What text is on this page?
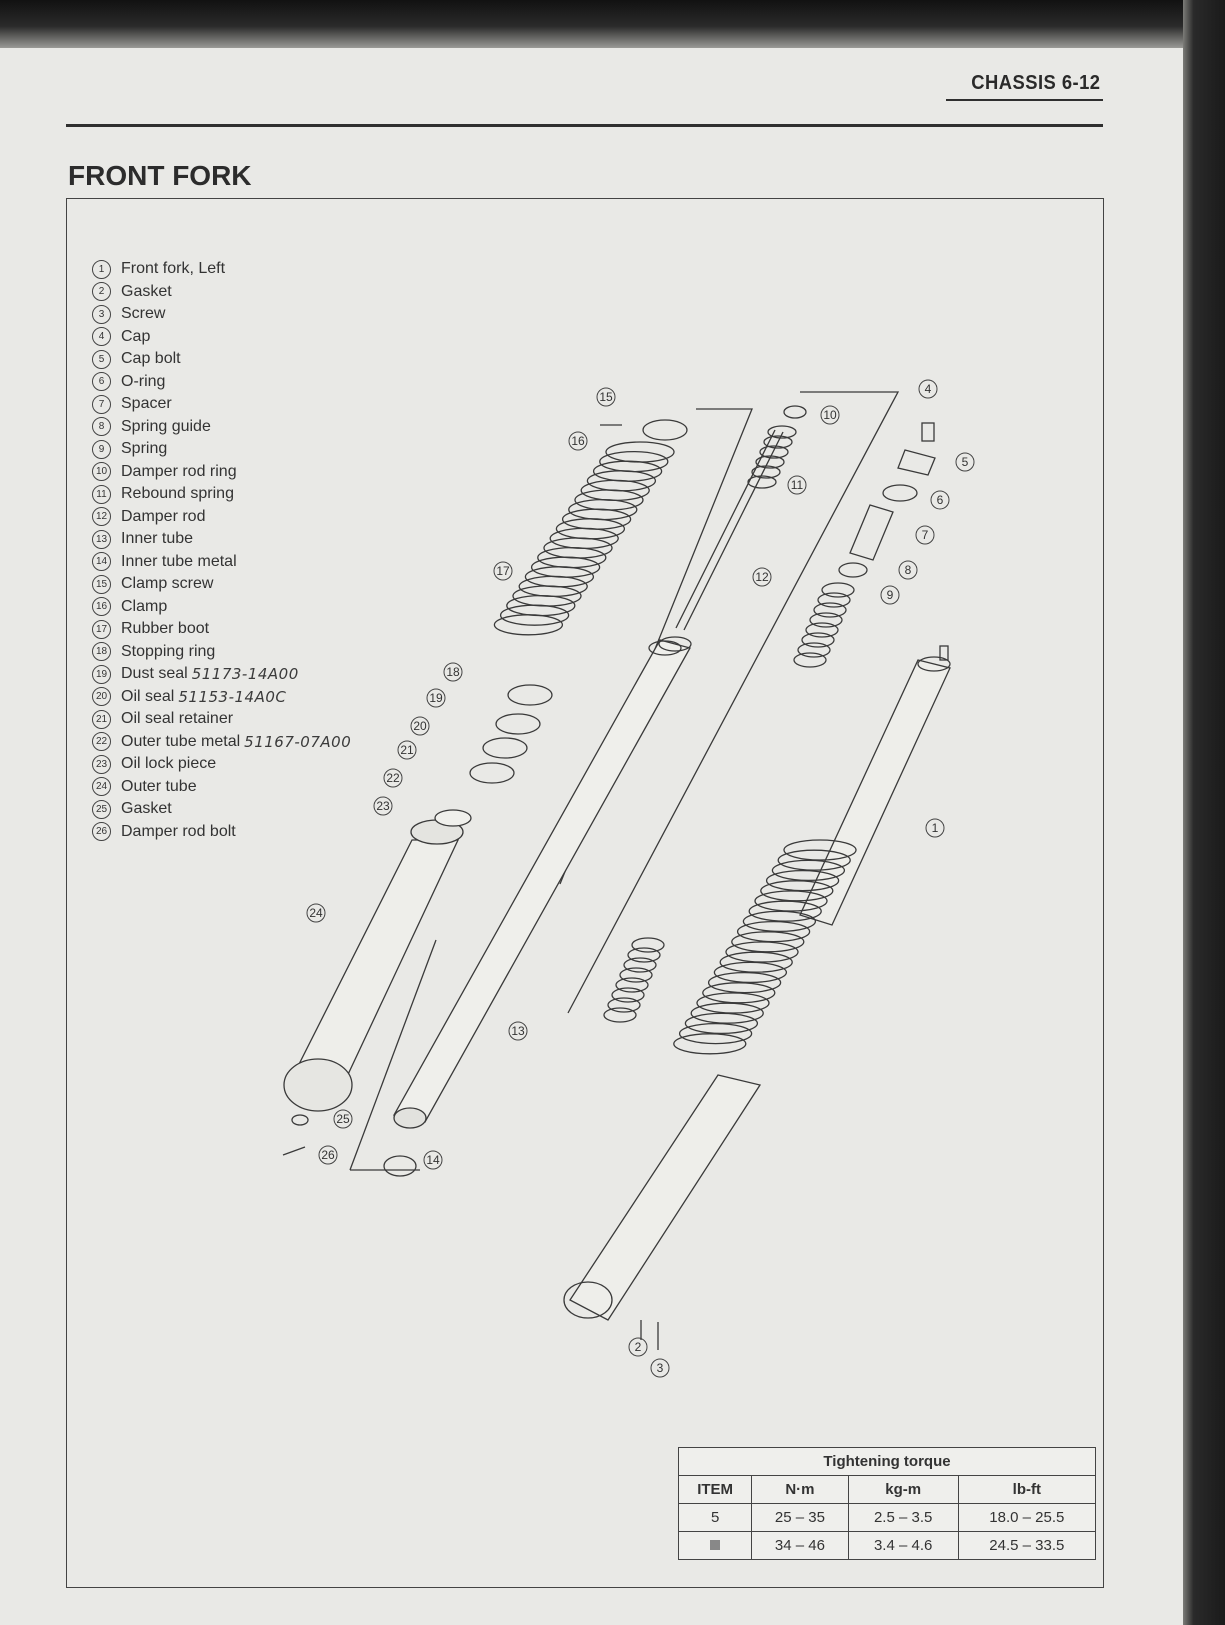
CHASSIS 6-12
FRONT FORK
1	Front fork, Left
2	Gasket
3	Screw
4	Cap
5	Cap bolt
6	O-ring
7	Spacer
8	Spring guide
9	Spring
10 Damper rod ring
11 Rebound spring
12 Damper rod
13 Inner tube
14 Inner tube metal
15 Clamp screw
16 Clamp
17 Rubber boot
18 Stopping ring
19 Dust seal 51173-14A00
20 Oil seal 51153-14A0C
21 Oil seal retainer
22 Outer tube metal 51167-07A00
23 Oil lock piece
24 Outer tube
25 Gasket
26 Damper rod bolt	1
2
3
4
5
6
7
8
9
10
11
12
13
14
15
16
17
18
19
20
21
22
23
24
25
26
Tightening torque			
ITEM	N·m	kg-m	lb-ft
5	25 – 35	2.5 – 3.5	18.0 – 25.5
	34 – 46	3.4 – 4.6	24.5 – 33.5
